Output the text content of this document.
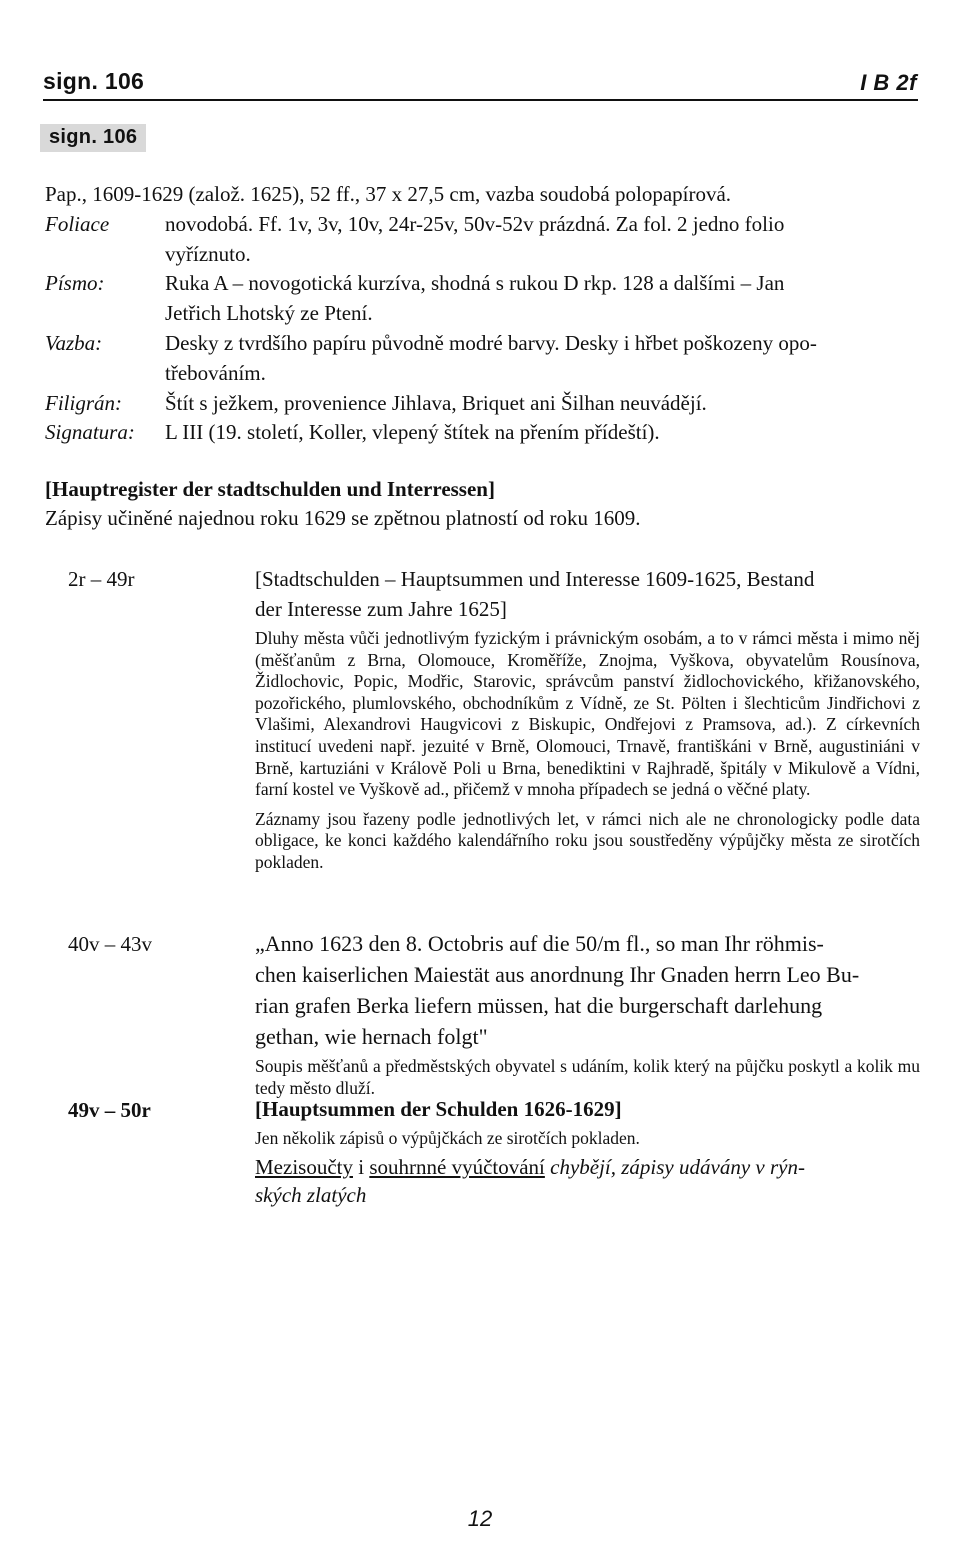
sign. 106	I B 2f
sign. 106
Pap., 1609-1629 (založ. 1625), 52 ff., 37 x 27,5 cm, vazba soudobá polopapírová.
Foliace	novodobá. Ff. 1v, 3v, 10v, 24r-25v, 50v-52v prázdná. Za fol. 2 jedno folio
vyříznuto.
Písmo:	Ruka A – novogotická kurzíva, shodná s rukou D rkp. 128 a dalšími – Jan
Jetřich Lhotský ze Ptení.
Vazba:	Desky z tvrdšího papíru původně modré barvy. Desky i hřbet poškozeny opo-
třebováním.
Filigrán:	Štít s ježkem, provenience Jihlava, Briquet ani Šilhan neuvádějí.
Signatura:	L III (19. století, Koller, vlepený štítek na přením přídeští).
[Hauptregister der stadtschulden und Interressen]
Zápisy učiněné najednou roku 1629 se zpětnou platností od roku 1609.
2r – 49r	[Stadtschulden – Hauptsummen und Interesse 1609-1625, Bestand
der Interesse zum Jahre 1625]
Dluhy města vůči jednotlivým fyzickým i právnickým osobám, a to v rámci města i mimo něj (měšťanům z Brna, Olomouce, Kroměříže, Znojma, Vyškova, obyvatelům Rousínova, Židlochovic, Popic, Modřic, Starovic, správcům panství židlochovického, křižanovského, pozořického, plumlovského, obchodníkům z Vídně, ze St. Pölten i šlechticům Jindřichovi z Vlašimi, Alexandrovi Haugvicovi z Biskupic, Ondřejovi z Pramsova, ad.). Z církevních institucí uvedeni např. jezuité v Brně, Olomouci, Trnavě, františkáni v Brně, augustiniáni v Brně, kartuziáni v Králově Poli u Brna, benediktini v Rajhradě, špitály v Mikulově a Vídni, farní kostel ve Vyškově ad., přičemž v mnoha případech se jedná o věčné platy.
Záznamy jsou řazeny podle jednotlivých let, v rámci nich ale ne chronologicky podle data obligace, ke konci každého kalendářního roku jsou soustředěny výpůjčky města ze sirotčích pokladen.
40v – 43v	„Anno 1623 den 8. Octobris auf die 50/m fl., so man Ihr röhmis-
chen kaiserlichen Maiestät aus anordnung Ihr Gnaden herrn Leo Bu-
rian grafen Berka liefern müssen, hat die burgerschaft darlehung
gethan, wie hernach folgt"
Soupis měšťanů a předměstských obyvatel s udáním, kolik který na půjčku poskytl a kolik mu tedy město dluží.
49v – 50r	[Hauptsummen der Schulden 1626-1629]
Jen několik zápisů o výpůjčkách ze sirotčích pokladen.
Mezisoučty i souhrnné vyúčtování chybějí, zápisy udávány v rýn-
ských zlatých
12
